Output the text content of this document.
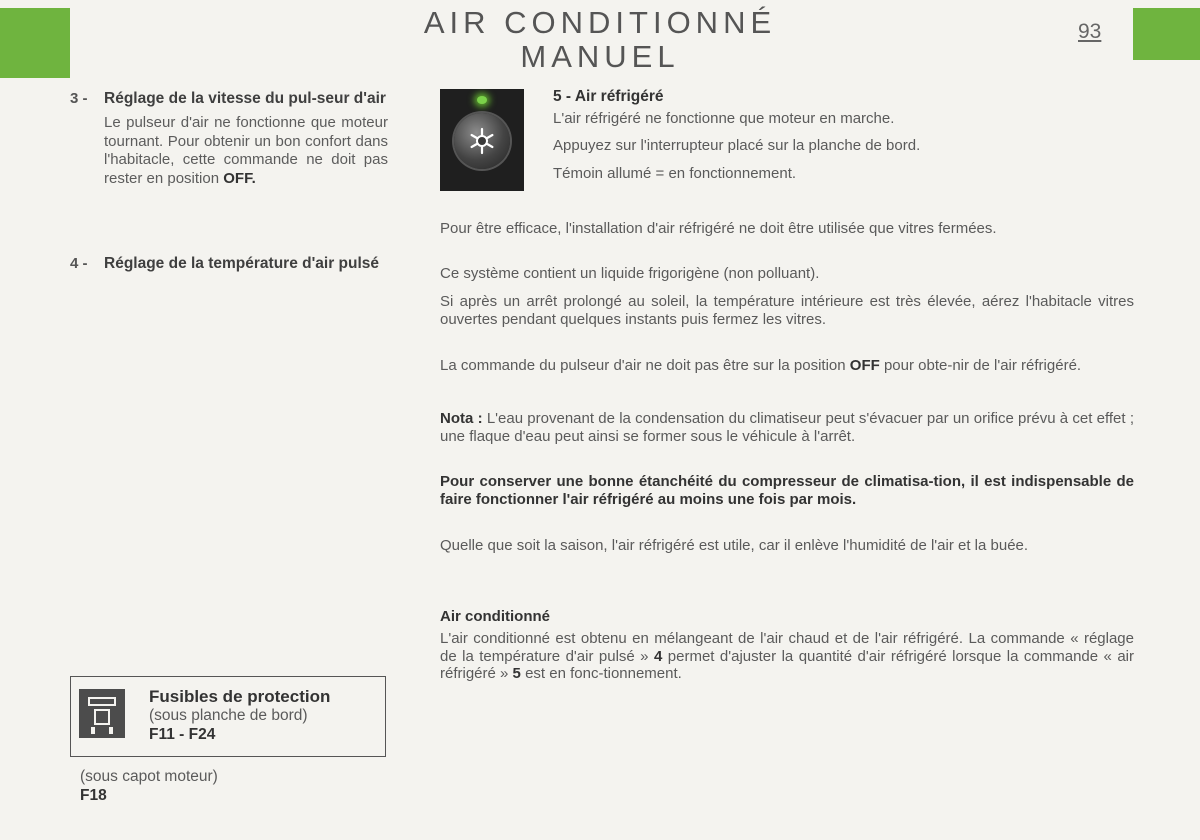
AIR CONDITIONNÉ
MANUEL
93
3 - Réglage de la vitesse du pul-seur d'air
Le pulseur d'air ne fonctionne que moteur tournant. Pour obtenir un bon confort dans l'habitacle, cette commande ne doit pas rester en position OFF.
4 - Réglage de la température d'air pulsé
5 - Air réfrigéré
L'air réfrigéré ne fonctionne que moteur en marche.
Appuyez sur l'interrupteur placé sur la planche de bord.
Témoin allumé = en fonctionnement.
Pour être efficace, l'installation d'air réfrigéré ne doit être utilisée que vitres fermées.
Ce système contient un liquide frigorigène (non polluant).
Si après un arrêt prolongé au soleil, la température intérieure est très élevée, aérez l'habitacle vitres ouvertes pendant quelques instants puis fermez les vitres.
La commande du pulseur d'air ne doit pas être sur la position OFF pour obte-nir de l'air réfrigéré.
Nota : L'eau provenant de la condensation du climatiseur peut s'évacuer par un orifice prévu à cet effet ; une flaque d'eau peut ainsi se former sous le véhicule à l'arrêt.
Pour conserver une bonne étanchéité du compresseur de climatisa-tion, il est indispensable de faire fonctionner l'air réfrigéré au moins une fois par mois.
Quelle que soit la saison, l'air réfrigéré est utile, car il enlève l'humidité de l'air et la buée.
Air conditionné
L'air conditionné est obtenu en mélangeant de l'air chaud et de l'air réfrigéré. La commande « réglage de la température d'air pulsé » 4 permet d'ajuster la quantité d'air réfrigéré lorsque la commande « air réfrigéré » 5 est en fonc-tionnement.
Fusibles de protection
(sous planche de bord)
F11 - F24
(sous capot moteur)
F18
